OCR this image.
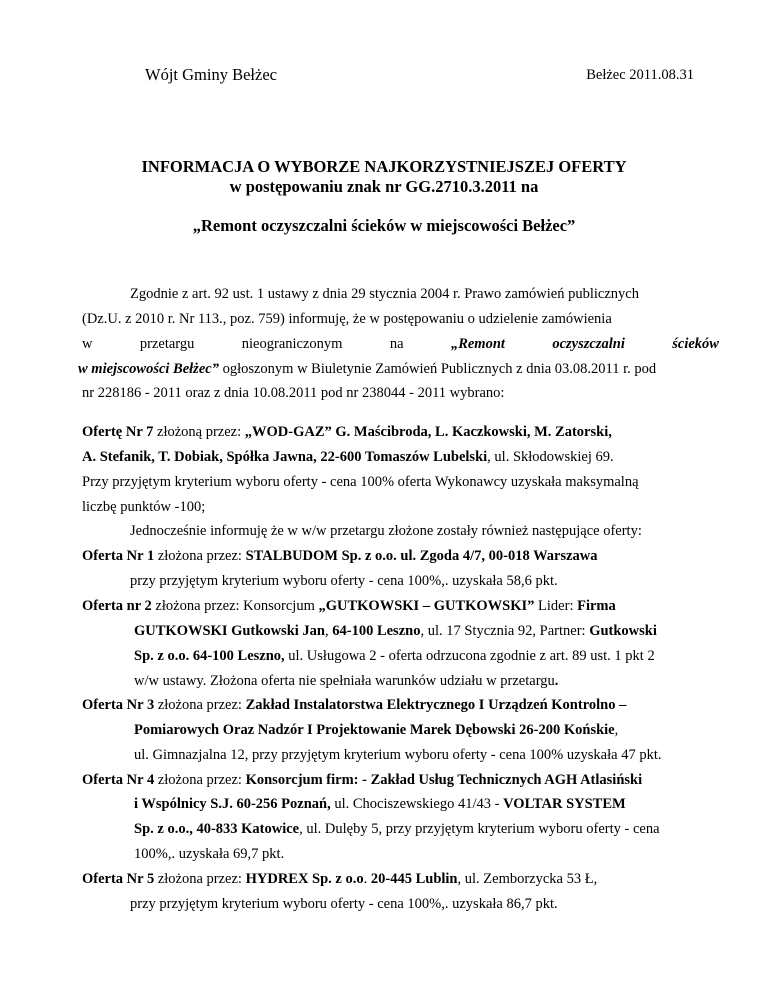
Wójt Gminy Bełżec	Bełżec 2011.08.31
INFORMACJA O WYBORZE NAJKORZYSTNIEJSZEJ OFERTY
w postępowaniu znak nr GG.2710.3.2011 na
„Remont oczyszczalni ścieków w miejscowości Bełżec”
Zgodnie z art. 92 ust. 1 ustawy z dnia 29 stycznia 2004 r. Prawo zamówień publicznych
(Dz.U. z 2010 r. Nr 113., poz. 759) informuję, że w postępowaniu o udzielenie zamówienia
w	przetargu	nieograniczonym	na	„Remont	oczyszczalni	ścieków
w miejscowości Bełżec” ogłoszonym w Biuletynie Zamówień Publicznych z dnia 03.08.2011 r. pod
nr 228186 - 2011 oraz z dnia 10.08.2011 pod nr 238044 - 2011 wybrano:
Ofertę Nr 7 złożoną przez: „WOD-GAZ” G. Maścibroda, L. Kaczkowski, M. Zatorski,
A. Stefanik, T. Dobiak, Spółka Jawna, 22-600 Tomaszów Lubelski, ul. Skłodowskiej 69.
Przy przyjętym kryterium wyboru oferty - cena 100% oferta Wykonawcy uzyskała maksymalną
liczbę punktów -100;
Jednocześnie informuję że w w/w przetargu złożone zostały również następujące oferty:
Oferta Nr 1 złożona przez: STALBUDOM Sp. z o.o. ul. Zgoda 4/7, 00-018 Warszawa
przy przyjętym kryterium wyboru oferty - cena 100%,. uzyskała 58,6 pkt.
Oferta nr 2 złożona przez: Konsorcjum „GUTKOWSKI – GUTKOWSKI” Lider: Firma
GUTKOWSKI Gutkowski Jan, 64-100 Leszno, ul. 17 Stycznia 92, Partner: Gutkowski
Sp. z o.o. 64-100 Leszno, ul. Usługowa 2 - oferta odrzucona zgodnie z art. 89 ust. 1 pkt 2
w/w ustawy. Złożona oferta nie spełniała warunków udziału w przetargu.
Oferta Nr 3 złożona przez: Zakład Instalatorstwa Elektrycznego I Urządzeń Kontrolno –
Pomiarowych Oraz Nadzór I Projektowanie Marek Dębowski 26-200 Końskie,
ul. Gimnazjalna 12, przy przyjętym kryterium wyboru oferty - cena 100% uzyskała 47 pkt.
Oferta Nr 4 złożona przez: Konsorcjum firm: - Zakład Usług Technicznych AGH Atlasiński
i Wspólnicy S.J. 60-256 Poznań, ul. Chociszewskiego 41/43 - VOLTAR SYSTEM
Sp. z o.o., 40-833 Katowice, ul. Dulęby 5, przy przyjętym kryterium wyboru oferty - cena
100%,. uzyskała 69,7 pkt.
Oferta Nr 5 złożona przez: HYDREX Sp. z o.o. 20-445 Lublin, ul. Zemborzycka 53 Ł,
przy przyjętym kryterium wyboru oferty - cena 100%,. uzyskała 86,7 pkt.
